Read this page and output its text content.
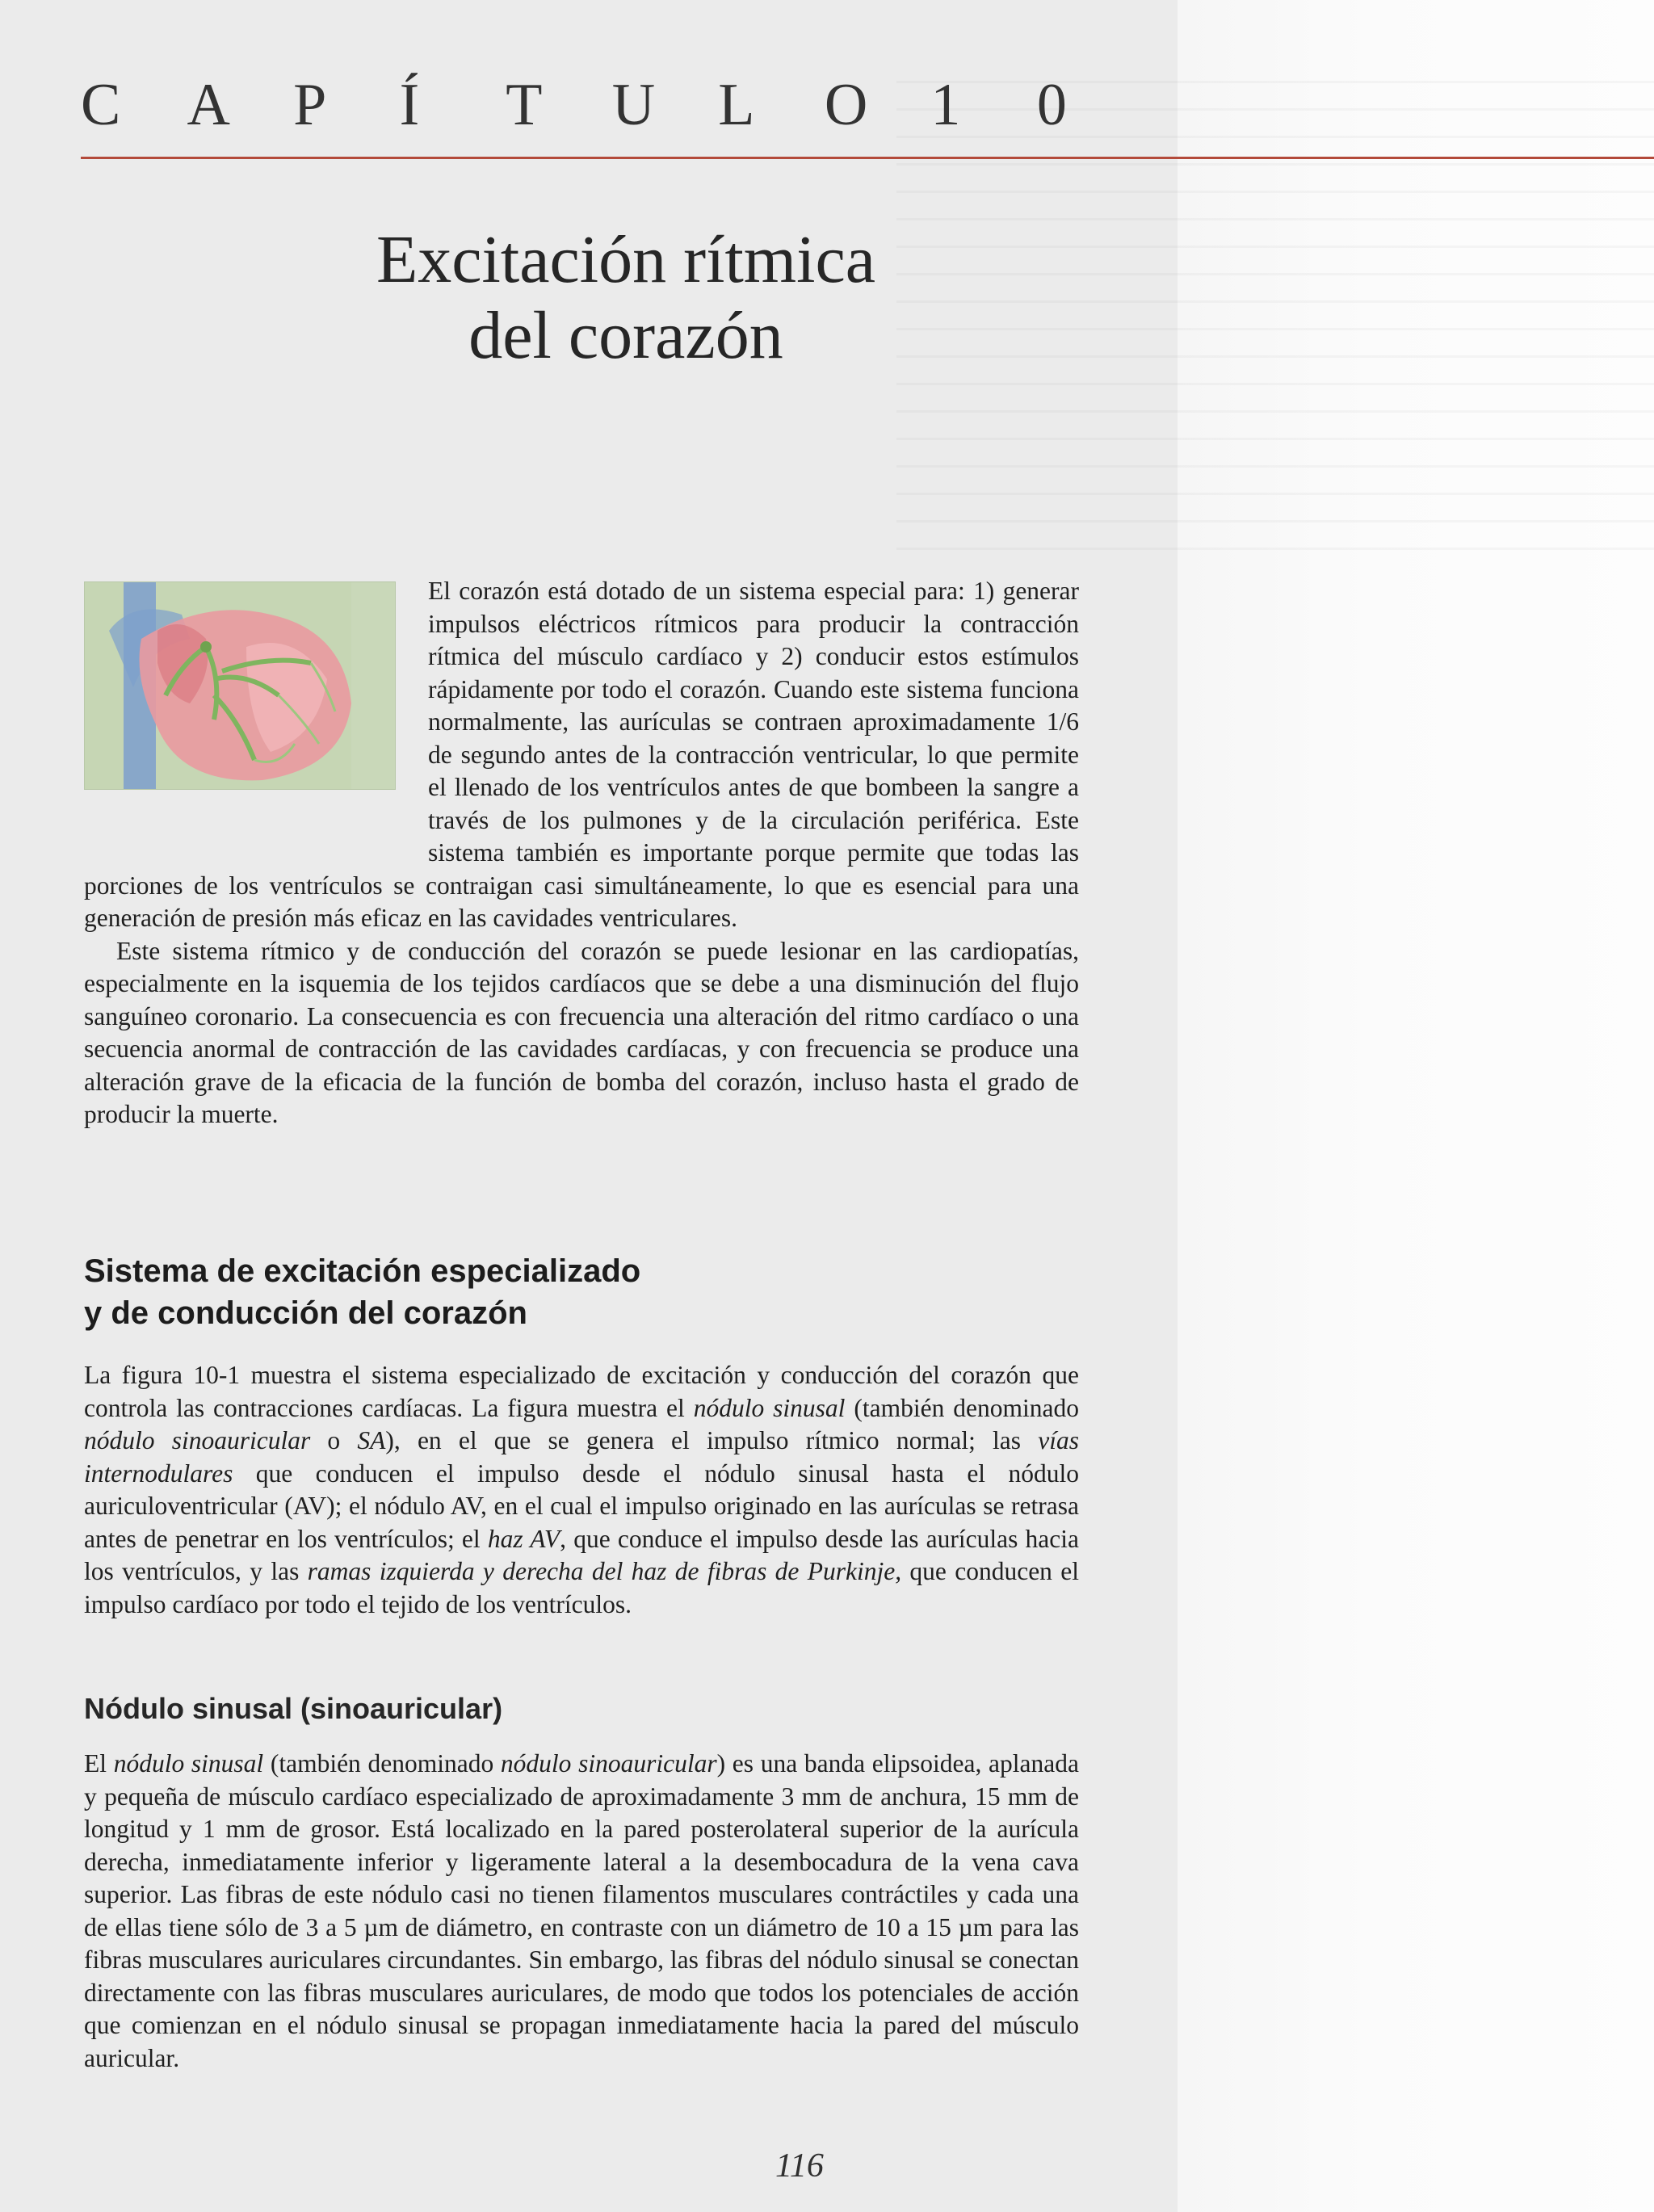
C	A	P	Í	T	U	L	O	1	0
Excitación rítmica
del corazón

El corazón está dotado de un sistema especial para: 1) generar impulsos eléctricos rítmicos para producir la contracción rítmica del músculo cardíaco y 2) conducir estos estímulos rápidamente por todo el corazón. Cuando este sistema funciona normalmente, las aurículas se contraen aproximadamente 1/6 de segundo antes de la contracción ventricular, lo que permite el llenado de los ventrículos antes de que bombeen la sangre a través de los pulmones y de la circulación periférica. Este sistema también es importante porque permite que todas las porciones de los ventrículos se contraigan casi simultáneamente, lo que es esencial para una generación de presión más eficaz en las cavidades ventriculares.

Este sistema rítmico y de conducción del corazón se puede lesionar en las cardiopatías, especialmente en la isquemia de los tejidos cardíacos que se debe a una disminución del flujo sanguíneo coronario. La consecuencia es con frecuencia una alteración del ritmo cardíaco o una secuencia anormal de contracción de las cavidades cardíacas, y con frecuencia se produce una alteración grave de la eficacia de la función de bomba del corazón, incluso hasta el grado de producir la muerte.

Sistema de excitación especializado
y de conducción del corazón

La figura 10-1 muestra el sistema especializado de excitación y conducción del corazón que controla las contracciones cardíacas. La figura muestra el nódulo sinusal (también denominado nódulo sinoauricular o SA), en el que se genera el impulso rítmico normal; las vías internodulares que conducen el impulso desde el nódulo sinusal hasta el nódulo auriculoventricular (AV); el nódulo AV, en el cual el impulso originado en las aurículas se retrasa antes de penetrar en los ventrículos; el haz AV, que conduce el impulso desde las aurículas hacia los ventrículos, y las ramas izquierda y derecha del haz de fibras de Purkinje, que conducen el impulso cardíaco por todo el tejido de los ventrículos.

Nódulo sinusal (sinoauricular)

El nódulo sinusal (también denominado nódulo sinoauricular) es una banda elipsoidea, aplanada y pequeña de músculo cardíaco especializado de aproximadamente 3 mm de anchura, 15 mm de longitud y 1 mm de grosor. Está localizado en la pared posterolateral superior de la aurícula derecha, inmediatamente inferior y ligeramente lateral a la desembocadura de la vena cava superior. Las fibras de este nódulo casi no tienen filamentos musculares contráctiles y cada una de ellas tiene sólo de 3 a 5 µm de diámetro, en contraste con un diámetro de 10 a 15 µm para las fibras musculares auriculares circundantes. Sin embargo, las fibras del nódulo sinusal se conectan directamente con las fibras musculares auriculares, de modo que todos los potenciales de acción que comienzan en el nódulo sinusal se propagan inmediatamente hacia la pared del músculo auricular.

116
